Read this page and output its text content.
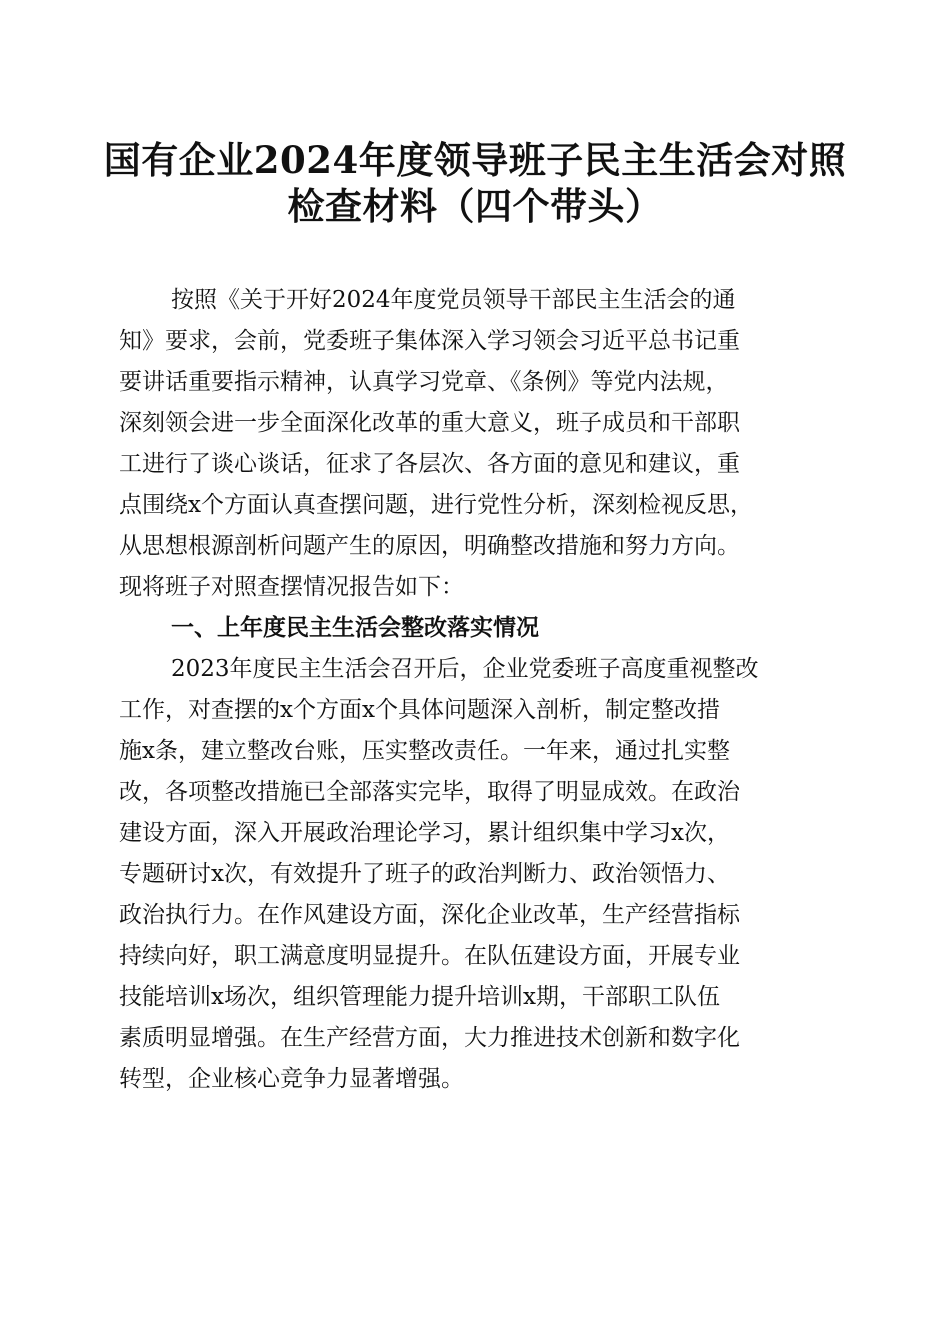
国有企业2024年度领导班子民主生活会对照
检查材料（四个带头）

按照《关于开好2024年度党员领导干部民主生活会的通

知》要求，会前，党委班子集体深入学习领会习近平总书记重

要讲话重要指示精神，认真学习党章、《条例》等党内法规，

深刻领会进一步全面深化改革的重大意义，班子成员和干部职

工进行了谈心谈话，征求了各层次、各方面的意见和建议，重

点围绕x个方面认真查摆问题，进行党性分析，深刻检视反思，

从思想根源剖析问题产生的原因，明确整改措施和努力方向。

现将班子对照查摆情况报告如下：

一、上年度民主生活会整改落实情况

2023年度民主生活会召开后，企业党委班子高度重视整改

工作，对查摆的x个方面x个具体问题深入剖析，制定整改措

施x条，建立整改台账，压实整改责任。一年来，通过扎实整

改，各项整改措施已全部落实完毕，取得了明显成效。在政治

建设方面，深入开展政治理论学习，累计组织集中学习x次，

专题研讨x次，有效提升了班子的政治判断力、政治领悟力、

政治执行力。在作风建设方面，深化企业改革，生产经营指标

持续向好，职工满意度明显提升。在队伍建设方面，开展专业

技能培训x场次，组织管理能力提升培训x期，干部职工队伍

素质明显增强。在生产经营方面，大力推进技术创新和数字化

转型，企业核心竞争力显著增强。
